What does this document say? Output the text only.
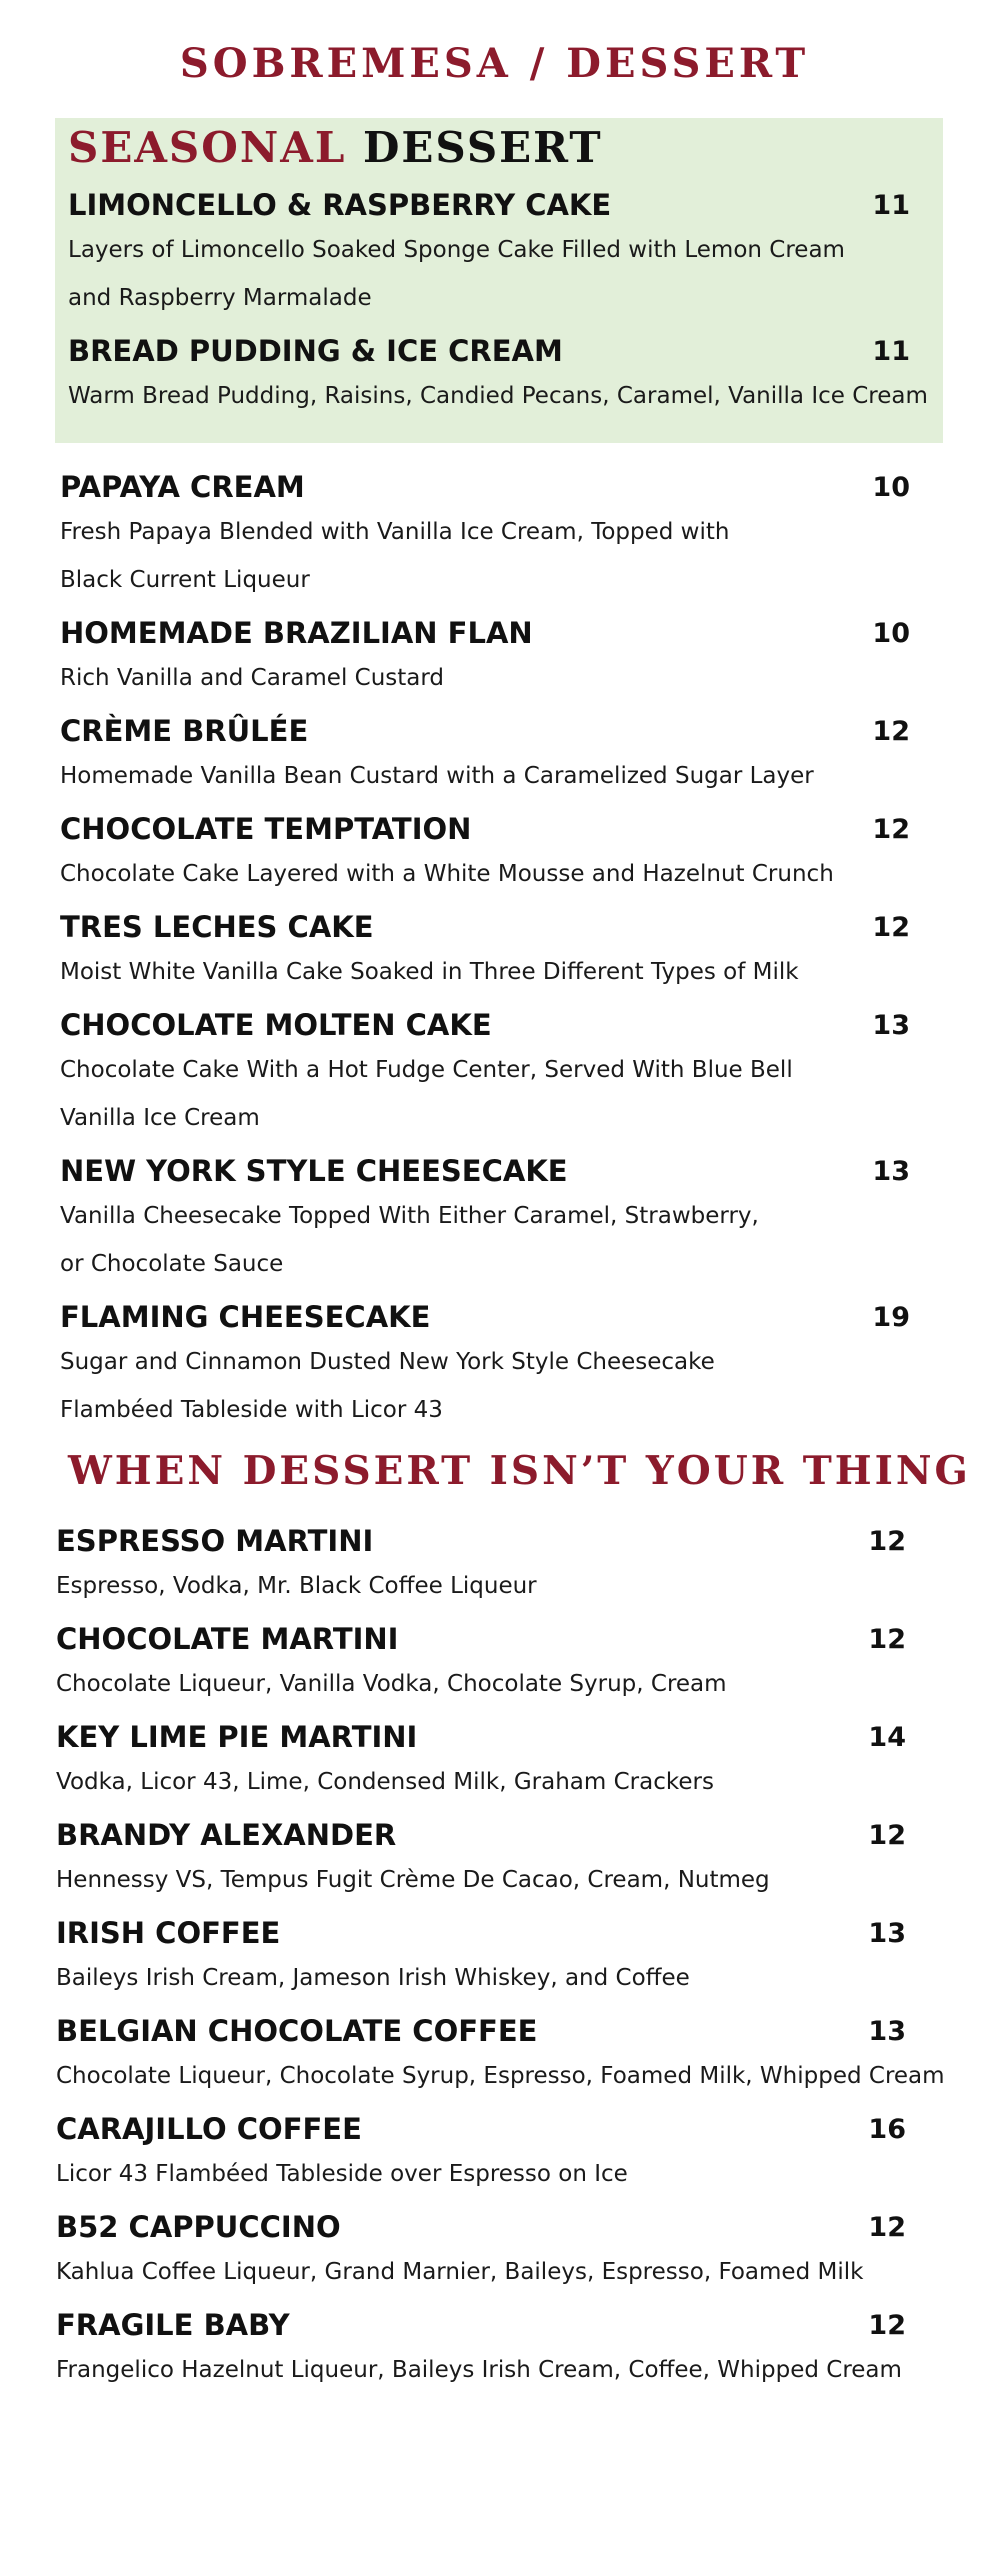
SOBREMESA / DESSERT
SEASONAL DESSERT
LIMONCELLO & RASPBERRY CAKE	11
Layers of Limoncello Soaked Sponge Cake Filled with Lemon Cream
and Raspberry Marmalade
BREAD PUDDING & ICE CREAM	11
Warm Bread Pudding, Raisins, Candied Pecans, Caramel, Vanilla Ice Cream
PAPAYA CREAM	10
Fresh Papaya Blended with Vanilla Ice Cream, Topped with
Black Current Liqueur
HOMEMADE BRAZILIAN FLAN	10
Rich Vanilla and Caramel Custard
CRÈME BRÛLÉE	12
Homemade Vanilla Bean Custard with a Caramelized Sugar Layer
CHOCOLATE TEMPTATION	12
Chocolate Cake Layered with a White Mousse and Hazelnut Crunch
TRES LECHES CAKE	12
Moist White Vanilla Cake Soaked in Three Different Types of Milk
CHOCOLATE MOLTEN CAKE	13
Chocolate Cake With a Hot Fudge Center, Served With Blue Bell
Vanilla Ice Cream
NEW YORK STYLE CHEESECAKE	13
Vanilla Cheesecake Topped With Either Caramel, Strawberry,
or Chocolate Sauce
FLAMING CHEESECAKE	19
Sugar and Cinnamon Dusted New York Style Cheesecake
Flambéed Tableside with Licor 43
WHEN DESSERT ISN’T YOUR THING
ESPRESSO MARTINI	12
Espresso, Vodka, Mr. Black Coffee Liqueur
CHOCOLATE MARTINI	12
Chocolate Liqueur, Vanilla Vodka, Chocolate Syrup, Cream
KEY LIME PIE MARTINI	14
Vodka, Licor 43, Lime, Condensed Milk, Graham Crackers
BRANDY ALEXANDER	12
Hennessy VS, Tempus Fugit Crème De Cacao, Cream, Nutmeg
IRISH COFFEE	13
Baileys Irish Cream, Jameson Irish Whiskey, and Coffee
BELGIAN CHOCOLATE COFFEE	13
Chocolate Liqueur, Chocolate Syrup, Espresso, Foamed Milk, Whipped Cream
CARAJILLO COFFEE	16
Licor 43 Flambéed Tableside over Espresso on Ice
B52 CAPPUCCINO	12
Kahlua Coffee Liqueur, Grand Marnier, Baileys, Espresso, Foamed Milk
FRAGILE BABY	12
Frangelico Hazelnut Liqueur, Baileys Irish Cream, Coffee, Whipped Cream
